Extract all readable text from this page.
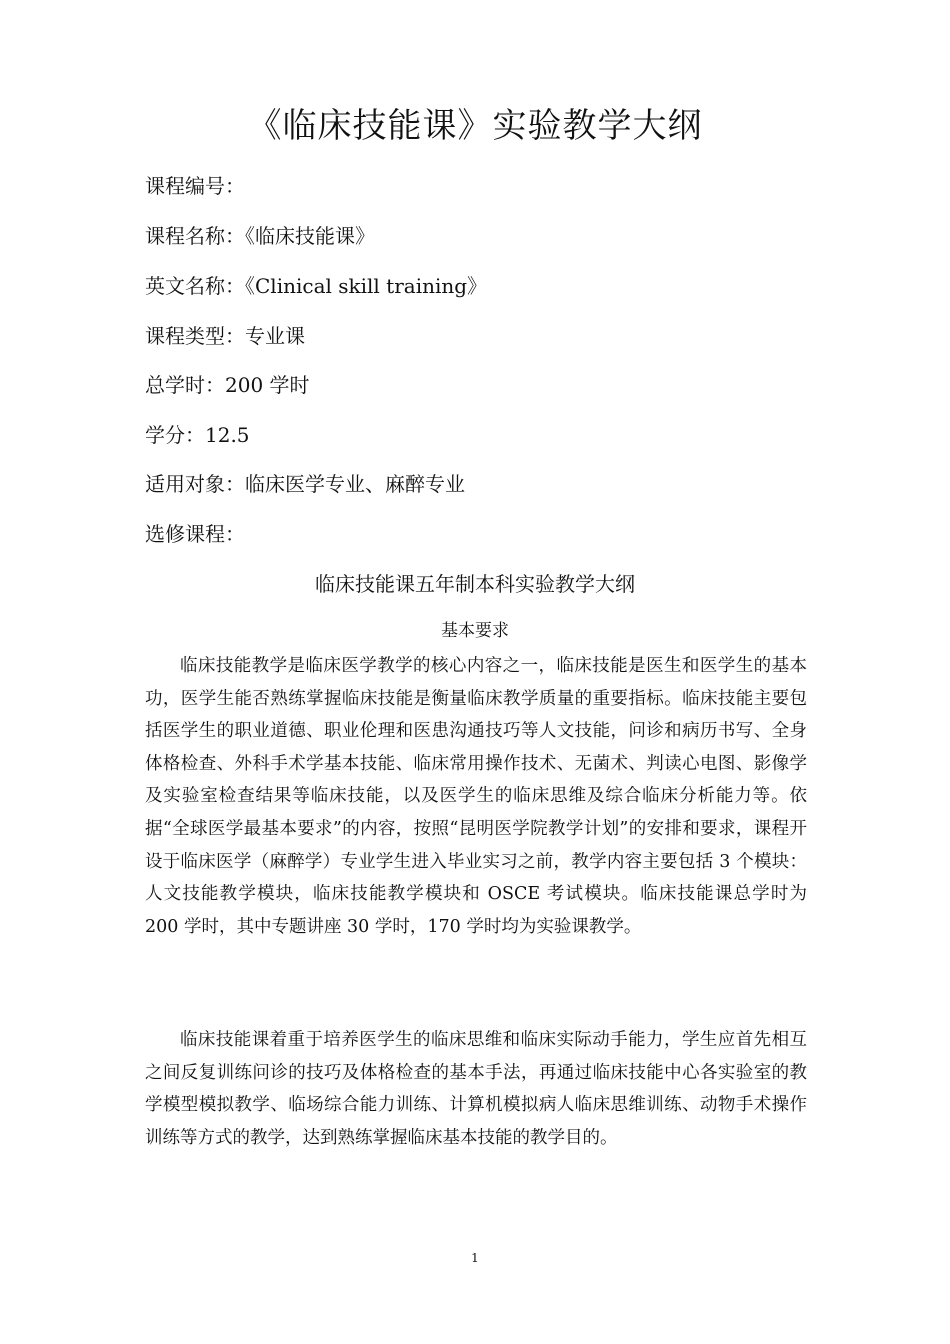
《临床技能课》实验教学大纲
课程编号：
课程名称：《临床技能课》
英文名称：《Clinical skill training》
课程类型：专业课
总学时：200 学时
学分：12.5
适用对象：临床医学专业、麻醉专业
选修课程：
临床技能课五年制本科实验教学大纲
基本要求

临床技能教学是临床医学教学的核心内容之一，临床技能是医生和医学生的基本功，医学生能否熟练掌握临床技能是衡量临床教学质量的重要指标。临床技能主要包括医学生的职业道德、职业伦理和医患沟通技巧等人文技能，问诊和病历书写、全身体格检查、外科手术学基本技能、临床常用操作技术、无菌术、判读心电图、影像学及实验室检查结果等临床技能，以及医学生的临床思维及综合临床分析能力等。依据“全球医学最基本要求”的内容，按照“昆明医学院教学计划”的安排和要求，课程开设于临床医学（麻醉学）专业学生进入毕业实习之前，教学内容主要包括 3 个模块：人文技能教学模块，临床技能教学模块和 OSCE 考试模块。临床技能课总学时为 200 学时，其中专题讲座 30 学时，170 学时均为实验课教学。

临床技能课着重于培养医学生的临床思维和临床实际动手能力，学生应首先相互之间反复训练问诊的技巧及体格检查的基本手法，再通过临床技能中心各实验室的教学模型模拟教学、临场综合能力训练、计算机模拟病人临床思维训练、动物手术操作训练等方式的教学，达到熟练掌握临床基本技能的教学目的。

1
